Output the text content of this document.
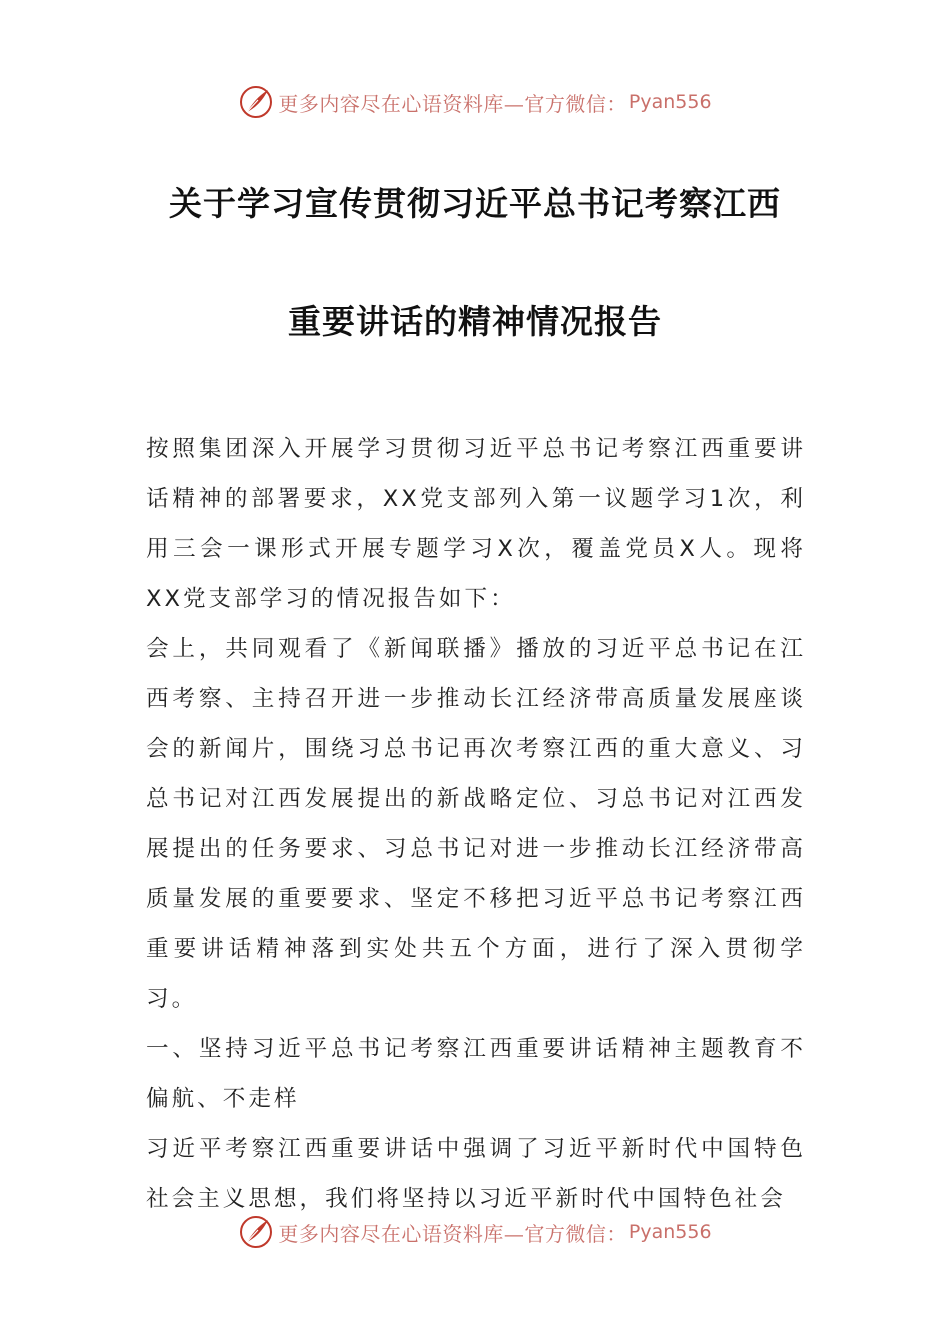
更多内容尽在心语资料库—官方微信： Pyan556
关于学习宣传贯彻习近平总书记考察江西
重要讲话的精神情况报告

按照集团深入开展学习贯彻习近平总书记考察江西重要讲话精神的部署要求，XX党支部列入第一议题学习1次，利用三会一课形式开展专题学习X次，覆盖党员X人。现将XX党支部学习的情况报告如下：

会上，共同观看了《新闻联播》播放的习近平总书记在江西考察、主持召开进一步推动长江经济带高质量发展座谈会的新闻片，围绕习总书记再次考察江西的重大意义、习总书记对江西发展提出的新战略定位、习总书记对江西发展提出的任务要求、习总书记对进一步推动长江经济带高质量发展的重要要求、坚定不移把习近平总书记考察江西重要讲话精神落到实处共五个方面，进行了深入贯彻学习。

一、坚持习近平总书记考察江西重要讲话精神主题教育不偏航、不走样

习近平考察江西重要讲话中强调了习近平新时代中国特色社会主义思想，我们将坚持以习近平新时代中国特色社会

更多内容尽在心语资料库—官方微信： Pyan556
